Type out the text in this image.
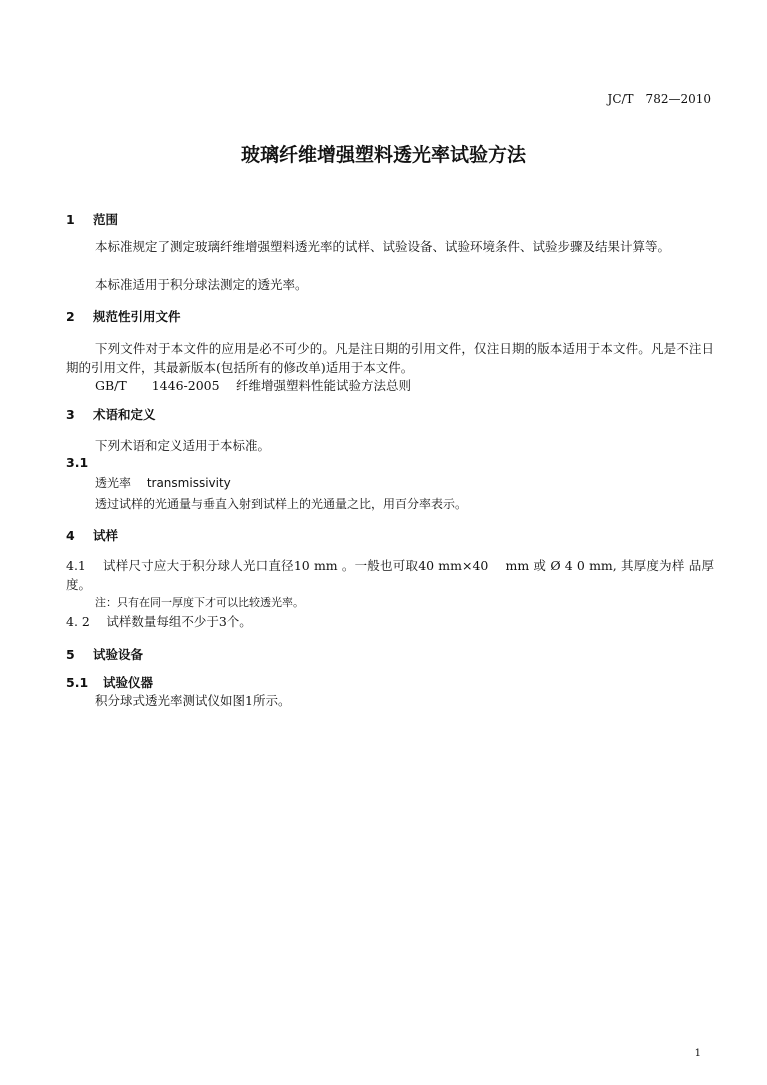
JC/T　782—2010
玻璃纤维增强塑料透光率试验方法
1 范围
本标准规定了测定玻璃纤维增强塑料透光率的试样、试验设备、试验环境条件、试验步骤及结果计算等。
本标准适用于积分球法测定的透光率。
2 规范性引用文件
下列文件对于本文件的应用是必不可少的。凡是注日期的引用文件，仅注日期的版本适用于本文件。凡是不注日期的引用文件，其最新版本(包括所有的修改单)适用于本文件。
GB/T　　1446-2005　 纤维增强塑料性能试验方法总则
3 术语和定义
下列术语和定义适用于本标准。
3.1
透光率　 transmissivity
透过试样的光通量与垂直入射到试样上的光通量之比，用百分率表示。
4 试样
4.1　 试样尺寸应大于积分球人光口直径10 mm 。一般也可取40 mm×40　 mm 或 Ø 4 0 mm, 其厚度为样 品厚度。
注：只有在同一厚度下才可以比较透光率。
4. 2　 试样数量每组不少于3个。
5 试验设备
5.1 试验仪器
积分球式透光率测试仪如图1所示。
1
